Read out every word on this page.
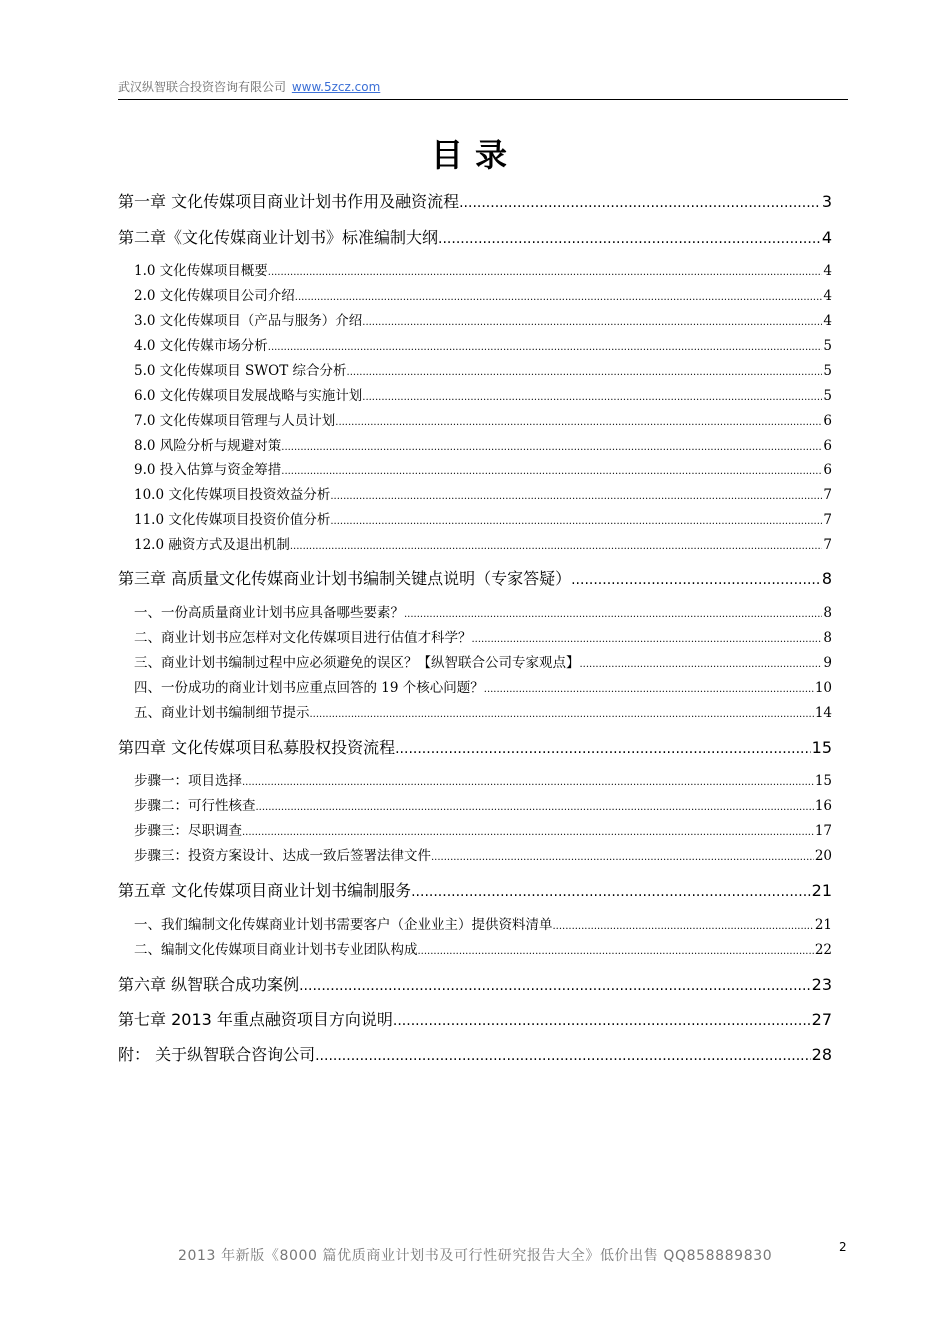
武汉纵智联合投资咨询有限公司 www.5zcz.com
目录
第一章 文化传媒项目商业计划书作用及融资流程 .....	3
第二章《文化传媒商业计划书》标准编制大纲 .....	4
1.0 文化传媒项目概要 .....	4
2.0 文化传媒项目公司介绍 .....	4
3.0 文化传媒项目（产品与服务）介绍 .....	4
4.0 文化传媒市场分析 .....	5
5.0 文化传媒项目 SWOT 综合分析 .....	5
6.0 文化传媒项目发展战略与实施计划 .....	5
7.0 文化传媒项目管理与人员计划 .....	6
8.0 风险分析与规避对策 .....	6
9.0 投入估算与资金筹措 .....	6
10.0 文化传媒项目投资效益分析 .....	7
11.0 文化传媒项目投资价值分析 .....	7
12.0 融资方式及退出机制 .....	7
第三章 高质量文化传媒商业计划书编制关键点说明（专家答疑） .....	8
一、一份高质量商业计划书应具备哪些要素？ .....	8
二、商业计划书应怎样对文化传媒项目进行估值才科学？ .....	8
三、商业计划书编制过程中应必须避免的误区？【纵智联合公司专家观点】 .....	9
四、一份成功的商业计划书应重点回答的 19 个核心问题？ .....	10
五、商业计划书编制细节提示 .....	14
第四章 文化传媒项目私募股权投资流程 .....	15
步骤一：项目选择 .....	15
步骤二：可行性核查 .....	16
步骤三：尽职调查 .....	17
步骤三：投资方案设计、达成一致后签署法律文件 .....	20
第五章 文化传媒项目商业计划书编制服务 .....	21
一、我们编制文化传媒商业计划书需要客户（企业业主）提供资料清单 .....	21
二、编制文化传媒项目商业计划书专业团队构成 .....	22
第六章 纵智联合成功案例 .....	23
第七章 2013 年重点融资项目方向说明 .....	27
附： 关于纵智联合咨询公司 .....	28
2013 年新版《8000 篇优质商业计划书及可行性研究报告大全》低价出售 QQ858889830
2
